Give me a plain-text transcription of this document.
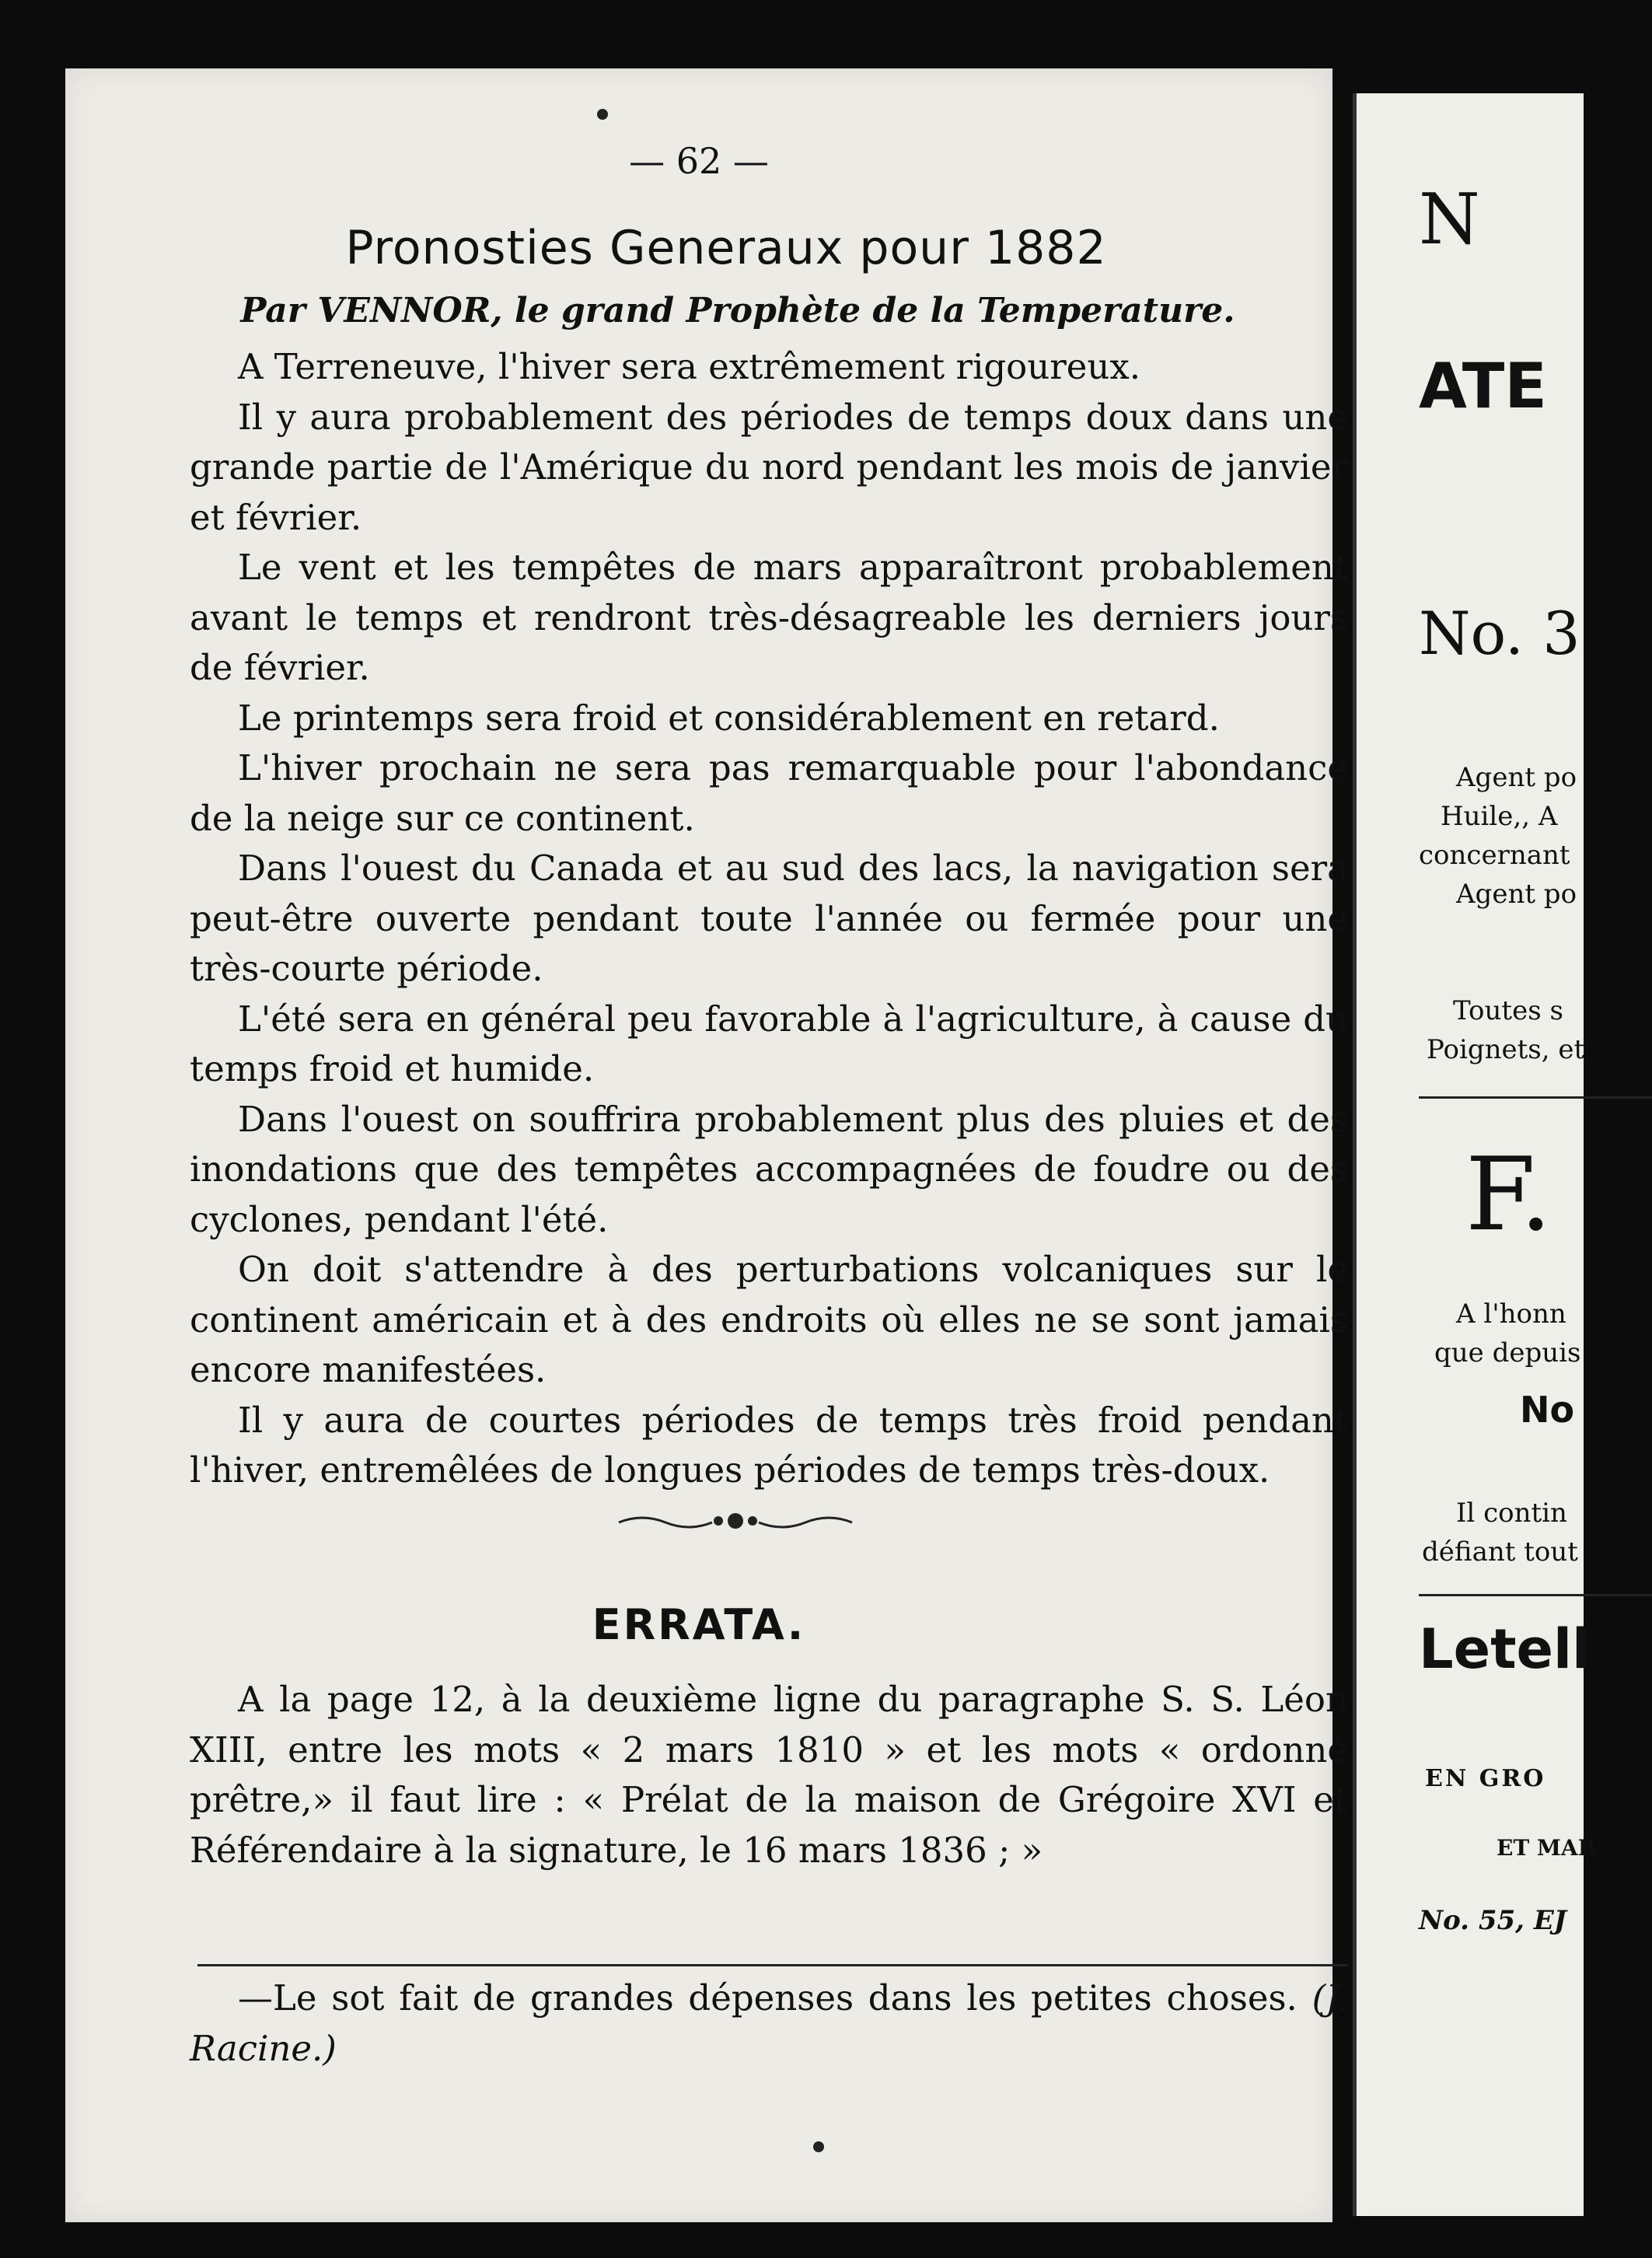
— 62 —
Pronosties Generaux pour 1882
Par VENNOR, le grand Prophète de la Temperature.

A Terreneuve, l'hiver sera extrêmement rigoureux.

Il y aura probablement des périodes de temps doux dans une grande partie de l'Amérique du nord pendant les mois de janvier et février.

Le vent et les tempêtes de mars apparaîtront probablement avant le temps et rendront très-désagreable les derniers jours de février.

Le printemps sera froid et considérablement en retard.

L'hiver prochain ne sera pas remarquable pour l'abondance de la neige sur ce continent.

Dans l'ouest du Canada et au sud des lacs, la navigation sera peut-être ouverte pendant toute l'année ou fermée pour une très-courte période.

L'été sera en général peu favorable à l'agriculture, à cause du temps froid et humide.

Dans l'ouest on souffrira probablement plus des pluies et des inondations que des tempêtes accompagnées de foudre ou des cyclones, pendant l'été.

On doit s'attendre à des perturbations volcaniques sur le continent américain et à des endroits où elles ne se sont jamais encore manifestées.

Il y aura de courtes périodes de temps très froid pendant l'hiver, entremêlées de longues périodes de temps très-doux.

ERRATA.

A la page 12, à la deuxième ligne du paragraphe S. S. Léon XIII, entre les mots « 2 mars 1810 » et les mots « ordonné prêtre,» il faut lire : « Prélat de la maison de Grégoire XVI et Référendaire à la signature, le 16 mars 1836 ; »

—Le sot fait de grandes dépenses dans les petites choses. (J. Racine.)

N
ATE
No. 3
Agent po
Huile,, A
concernant
Agent po
Toutes s
Poignets, et
F.
A l'honn
que depuis
No
Il contin
défiant tout
Letell
EN GRO
ET MAR
No. 55, EJ
